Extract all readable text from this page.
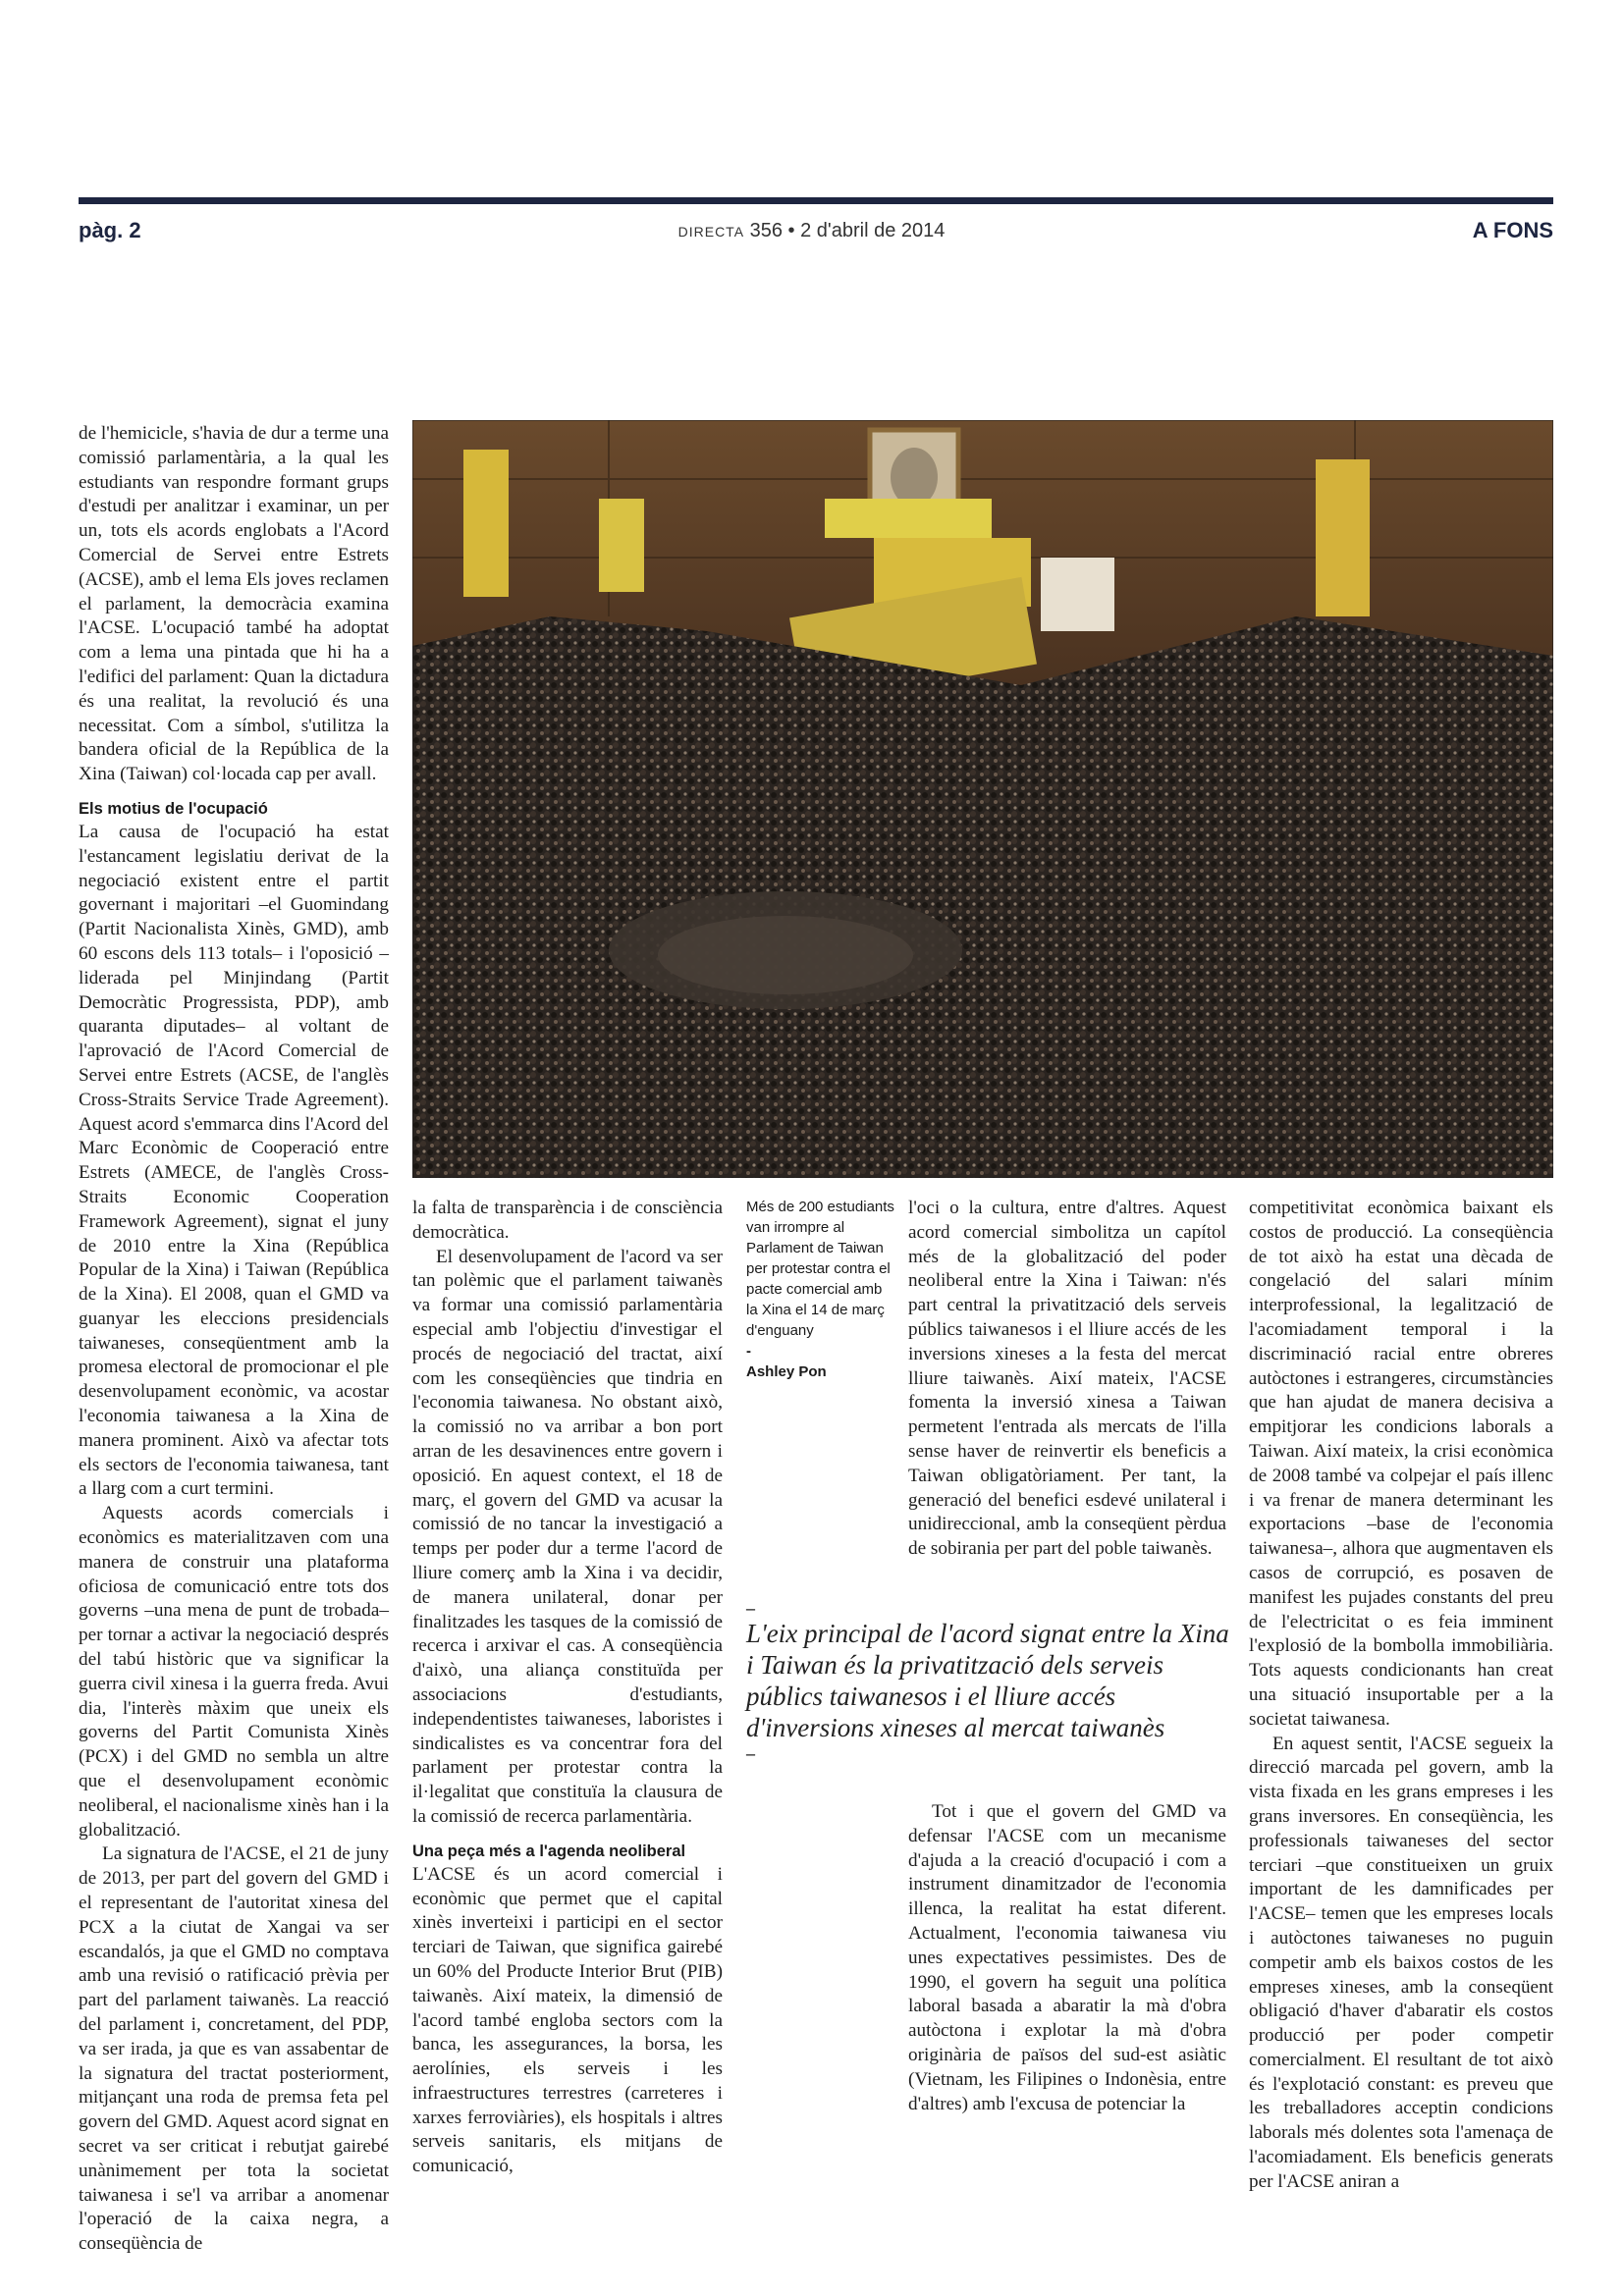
pàg. 2	DIRECTA 356 • 2 d'abril de 2014	A FONS

de l'hemicicle, s'havia de dur a terme una comissió parlamentària, a la qual les estudiants van respondre formant grups d'estudi per analitzar i examinar, un per un, tots els acords englobats a l'Acord Comercial de Servei entre Estrets (ACSE), amb el lema Els joves reclamen el parlament, la democràcia examina l'ACSE. L'ocupació també ha adoptat com a lema una pintada que hi ha a l'edifici del parlament: Quan la dictadura és una realitat, la revolució és una necessitat. Com a símbol, s'utilitza la bandera oficial de la República de la Xina (Taiwan) col·locada cap per avall.

Els motius de l'ocupació

La causa de l'ocupació ha estat l'estancament legislatiu derivat de la negociació existent entre el partit governant i majoritari –el Guomindang (Partit Nacionalista Xinès, GMD), amb 60 escons dels 113 totals– i l'oposició –liderada pel Minjindang (Partit Democràtic Progressista, PDP), amb quaranta diputades– al voltant de l'aprovació de l'Acord Comercial de Servei entre Estrets (ACSE, de l'anglès Cross-Straits Service Trade Agreement). Aquest acord s'emmarca dins l'Acord del Marc Econòmic de Cooperació entre Estrets (AMECE, de l'anglès Cross-Straits Economic Cooperation Framework Agreement), signat el juny de 2010 entre la Xina (República Popular de la Xina) i Taiwan (República de la Xina). El 2008, quan el GMD va guanyar les eleccions presidencials taiwaneses, conseqüentment amb la promesa electoral de promocionar el ple desenvolupament econòmic, va acostar l'economia taiwanesa a la Xina de manera prominent. Això va afectar tots els sectors de l'economia taiwanesa, tant a llarg com a curt termini.

Aquests acords comercials i econòmics es materialitzaven com una manera de construir una plataforma oficiosa de comunicació entre tots dos governs –una mena de punt de trobada– per tornar a activar la negociació després del tabú històric que va significar la guerra civil xinesa i la guerra freda. Avui dia, l'interès màxim que uneix els governs del Partit Comunista Xinès (PCX) i del GMD no sembla un altre que el desenvolupament econòmic neoliberal, el nacionalisme xinès han i la globalització.

La signatura de l'ACSE, el 21 de juny de 2013, per part del govern del GMD i el representant de l'autoritat xinesa del PCX a la ciutat de Xangai va ser escandalós, ja que el GMD no comptava amb una revisió o ratificació prèvia per part del parlament taiwanès. La reacció del parlament i, concretament, del PDP, va ser irada, ja que es van assabentar de la signatura del tractat posteriorment, mitjançant una roda de premsa feta pel govern del GMD. Aquest acord signat en secret va ser criticat i rebutjat gairebé unànimement per tota la societat taiwanesa i se'l va arribar a anomenar l'operació de la caixa negra, a conseqüència de

la falta de transparència i de consciència democràtica.

El desenvolupament de l'acord va ser tan polèmic que el parlament taiwanès va formar una comissió parlamentària especial amb l'objectiu d'investigar el procés de negociació del tractat, així com les conseqüències que tindria en l'economia taiwanesa. No obstant això, la comissió no va arribar a bon port arran de les desavinences entre govern i oposició. En aquest context, el 18 de març, el govern del GMD va acusar la comissió de no tancar la investigació a temps per poder dur a terme l'acord de lliure comerç amb la Xina i va decidir, de manera unilateral, donar per finalitzades les tasques de la comissió de recerca i arxivar el cas. A conseqüència d'això, una aliança constituïda per associacions d'estudiants, independentistes taiwaneses, laboristes i sindicalistes es va concentrar fora del parlament per protestar contra la il·legalitat que constituïa la clausura de la comissió de recerca parlamentària.

Una peça més a l'agenda neoliberal

L'ACSE és un acord comercial i econòmic que permet que el capital xinès inverteixi i participi en el sector terciari de Taiwan, que significa gairebé un 60% del Producte Interior Brut (PIB) taiwanès. Així mateix, la dimensió de l'acord també engloba sectors com la banca, les assegurances, la borsa, les aerolínies, els serveis i les infraestructures terrestres (carreteres i xarxes ferroviàries), els hospitals i altres serveis sanitaris, els mitjans de comunicació,

Més de 200 estudiants van irrompre al Parlament de Taiwan per protestar contra el pacte comercial amb la Xina el 14 de març d'enguany
-
Ashley Pon

l'oci o la cultura, entre d'altres. Aquest acord comercial simbolitza un capítol més de la globalització del poder neoliberal entre la Xina i Taiwan: n'és part central la privatització dels serveis públics taiwanesos i el lliure accés de les inversions xineses a la festa del mercat lliure taiwanès. Així mateix, l'ACSE fomenta la inversió xinesa a Taiwan permetent l'entrada als mercats de l'illa sense haver de reinvertir els beneficis a Taiwan obligatòriament. Per tant, la generació del benefici esdevé unilateral i unidireccional, amb la conseqüent pèrdua de sobirania per part del poble taiwanès.

–
L'eix principal de l'acord signat entre la Xina i Taiwan és la privatització dels serveis públics taiwanesos i el lliure accés d'inversions xineses al mercat taiwanès
–

Tot i que el govern del GMD va defensar l'ACSE com un mecanisme d'ajuda a la creació d'ocupació i com a instrument dinamitzador de l'economia illenca, la realitat ha estat diferent. Actualment, l'economia taiwanesa viu unes expectatives pessimistes. Des de 1990, el govern ha seguit una política laboral basada a abaratir la mà d'obra autòctona i explotar la mà d'obra originària de països del sud-est asiàtic (Vietnam, les Filipines o Indonèsia, entre d'altres) amb l'excusa de potenciar la

competitivitat econòmica baixant els costos de producció. La conseqüència de tot això ha estat una dècada de congelació del salari mínim interprofessional, la legalització de l'acomiadament temporal i la discriminació racial entre obreres autòctones i estrangeres, circumstàncies que han ajudat de manera decisiva a empitjorar les condicions laborals a Taiwan. Així mateix, la crisi econòmica de 2008 també va colpejar el país illenc i va frenar de manera determinant les exportacions –base de l'economia taiwanesa–, alhora que augmentaven els casos de corrupció, es posaven de manifest les pujades constants del preu de l'electricitat o es feia imminent l'explosió de la bombolla immobiliària. Tots aquests condicionants han creat una situació insuportable per a la societat taiwanesa.

En aquest sentit, l'ACSE segueix la direcció marcada pel govern, amb la vista fixada en les grans empreses i les grans inversores. En conseqüència, les professionals taiwaneses del sector terciari –que constitueixen un gruix important de les damnificades per l'ACSE– temen que les empreses locals i autòctones taiwaneses no puguin competir amb els baixos costos de les empreses xineses, amb la conseqüent obligació d'haver d'abaratir els costos producció per poder competir comercialment. El resultant de tot això és l'explotació constant: es preveu que les treballadores acceptin condicions laborals més dolentes sota l'amenaça de l'acomiadament. Els beneficis generats per l'ACSE aniran a
